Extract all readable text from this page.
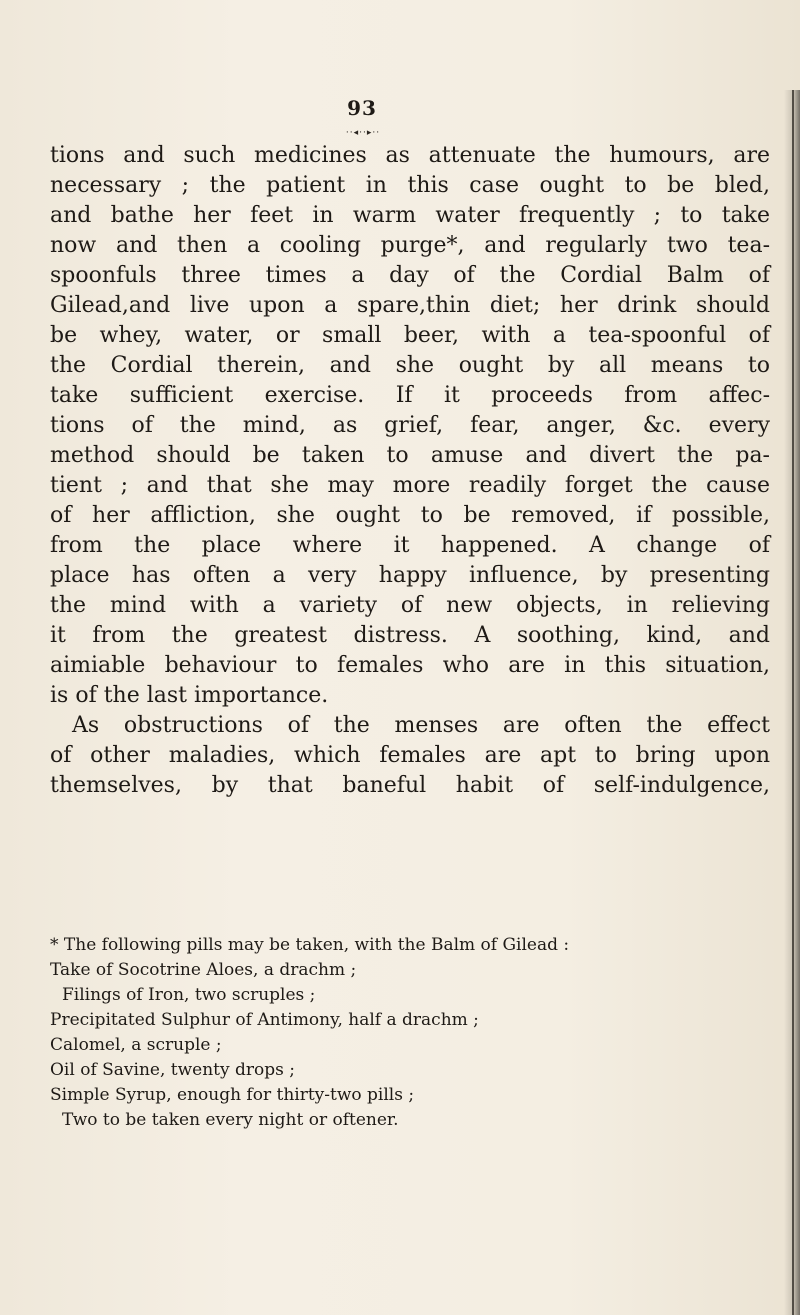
93
··◂··▸··
tions and such medicines as attenuate the humours, are
necessary ; the patient in this case ought to be bled,
and bathe her feet in warm water frequently ; to take
now and then a cooling purge*, and regularly two tea-
spoonfuls three times a day of the Cordial Balm of
Gilead,and live upon a spare,thin diet; her drink should
be whey, water, or small beer, with a tea-spoonful of
the Cordial therein, and she ought by all means to
take sufficient exercise. If it proceeds from affec-
tions of the mind, as grief, fear, anger, &c. every
method should be taken to amuse and divert the pa-
tient ; and that she may more readily forget the cause
of her affliction, she ought to be removed, if possible,
from the place where it happened. A change of
place has often a very happy influence, by presenting
the mind with a variety of new objects, in relieving
it from the greatest distress. A soothing, kind, and
aimiable behaviour to females who are in this situation,
is of the last importance.
As obstructions of the menses are often the effect
of other maladies, which females are apt to bring upon
themselves, by that baneful habit of self-indulgence,
* The following pills may be taken, with the Balm of Gilead :
Take of Socotrine Aloes, a drachm ;
Filings of Iron, two scruples ;
Precipitated Sulphur of Antimony, half a drachm ;
Calomel, a scruple ;
Oil of Savine, twenty drops ;
Simple Syrup, enough for thirty-two pills ;
Two to be taken every night or oftener.
